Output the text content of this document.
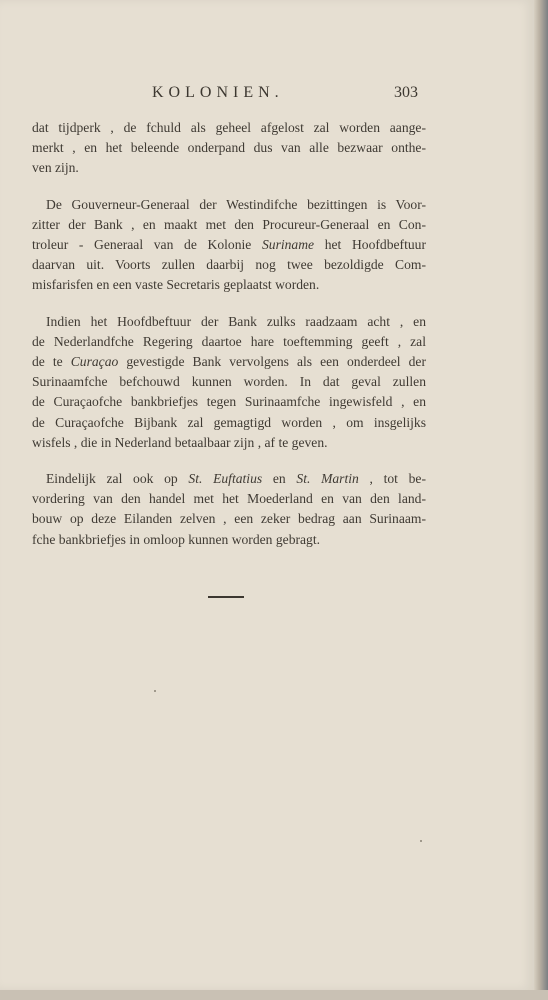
KOLONIEN.	303
dat tijdperk , de fchuld als geheel afgelost zal worden aange-
merkt , en het beleende onderpand dus van alle bezwaar onthe-
ven zijn.
De Gouverneur-Generaal der Westindifche bezittingen is Voor-
zitter der Bank , en maakt met den Procureur-Generaal en Con-
troleur - Generaal van de Kolonie Suriname het Hoofdbeftuur
daarvan uit. Voorts zullen daarbij nog twee bezoldigde Com-
misfarisfen en een vaste Secretaris geplaatst worden.
Indien het Hoofdbeftuur der Bank zulks raadzaam acht , en
de Nederlandfche Regering daartoe hare toeftemming geeft , zal
de te Curaçao gevestigde Bank vervolgens als een onderdeel der
Surinaamfche befchouwd kunnen worden. In dat geval zullen
de Curaçaofche bankbriefjes tegen Surinaamfche ingewisfeld , en
de Curaçaofche Bijbank zal gemagtigd worden , om insgelijks
wisfels , die in Nederland betaalbaar zijn , af te geven.
Eindelijk zal ook op St. Euftatius en St. Martin , tot be-
vordering van den handel met het Moederland en van den land-
bouw op deze Eilanden zelven , een zeker bedrag aan Surinaam-
fche bankbriefjes in omloop kunnen worden gebragt.
